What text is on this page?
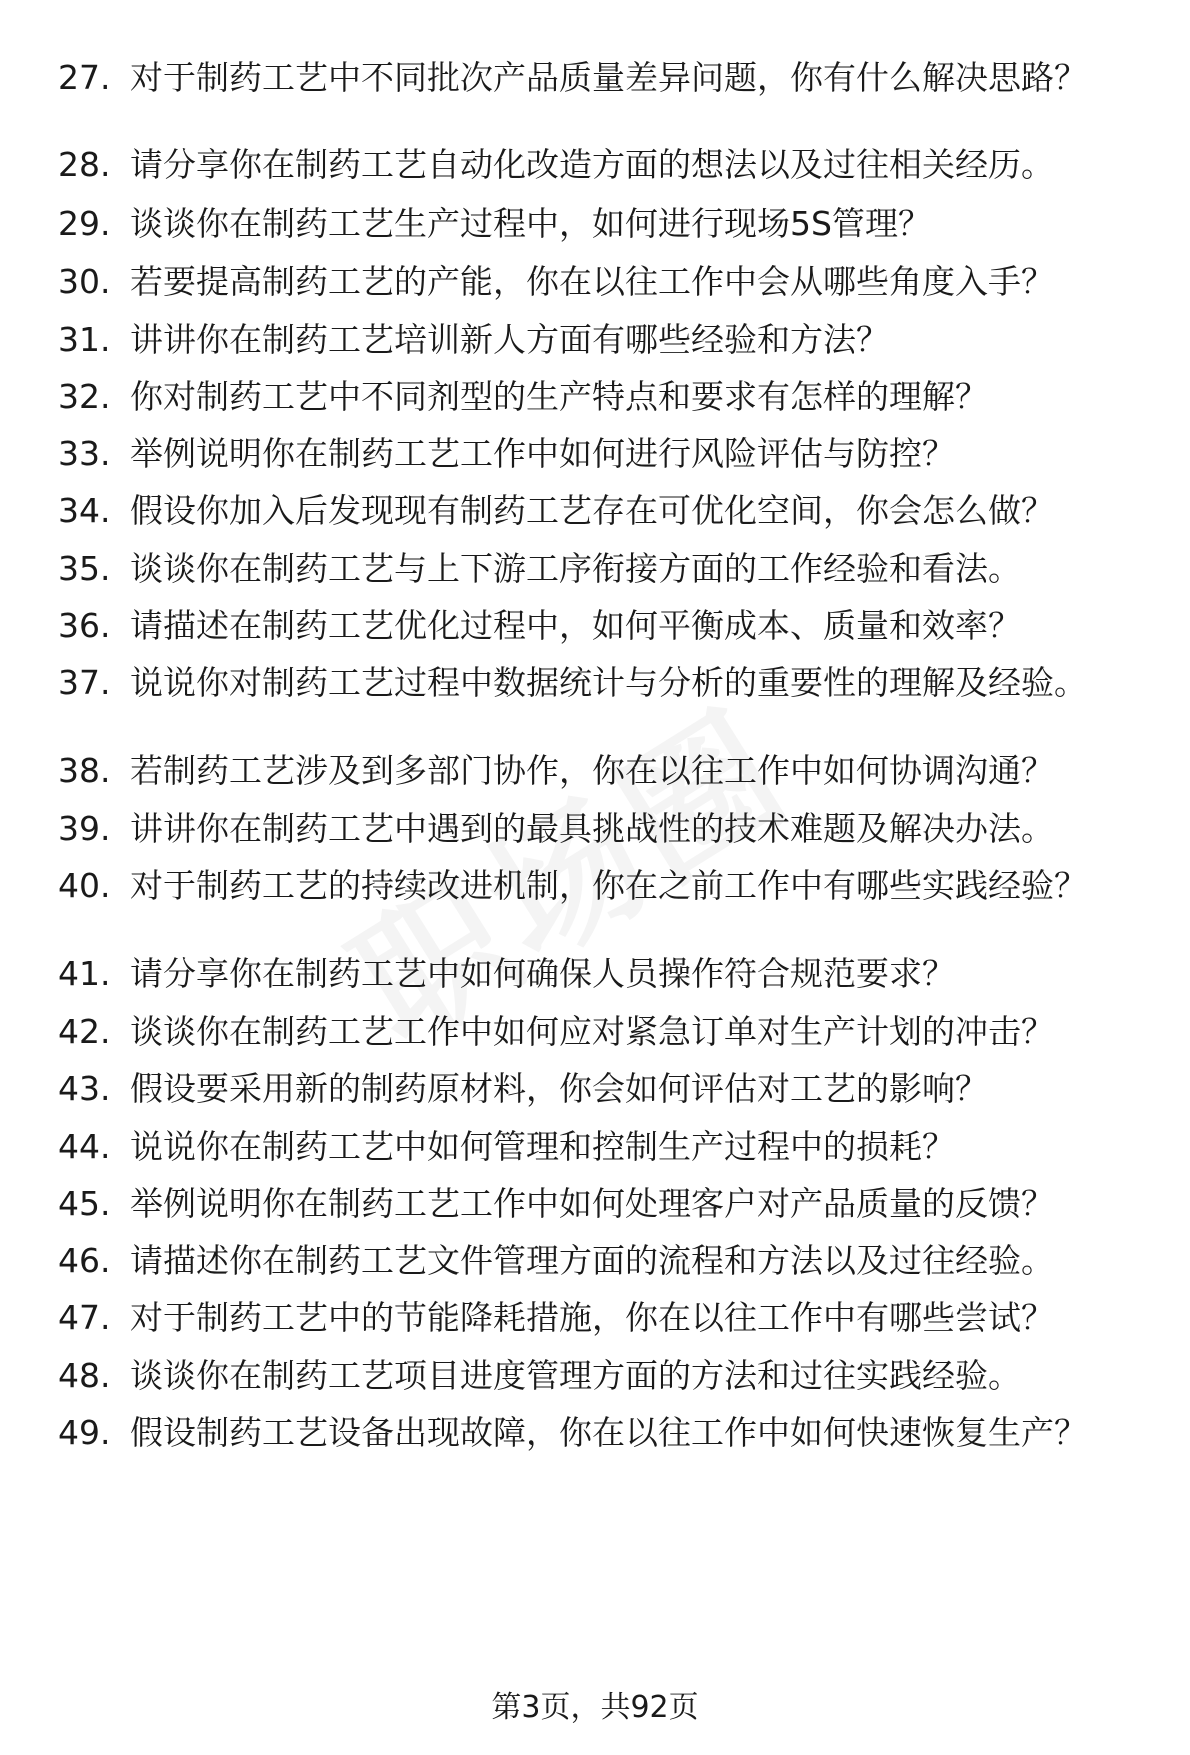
27. 对于制药工艺中不同批次产品质量差异问题，你有什么解决思路？
28. 请分享你在制药工艺自动化改造方面的想法以及过往相关经历。
29. 谈谈你在制药工艺生产过程中，如何进行现场5S管理？
30. 若要提高制药工艺的产能，你在以往工作中会从哪些角度入手？
31. 讲讲你在制药工艺培训新人方面有哪些经验和方法？
32. 你对制药工艺中不同剂型的生产特点和要求有怎样的理解？
33. 举例说明你在制药工艺工作中如何进行风险评估与防控？
34. 假设你加入后发现现有制药工艺存在可优化空间，你会怎么做？
35. 谈谈你在制药工艺与上下游工序衔接方面的工作经验和看法。
36. 请描述在制药工艺优化过程中，如何平衡成本、质量和效率？
37. 说说你对制药工艺过程中数据统计与分析的重要性的理解及经验。
38. 若制药工艺涉及到多部门协作，你在以往工作中如何协调沟通？
39. 讲讲你在制药工艺中遇到的最具挑战性的技术难题及解决办法。
40. 对于制药工艺的持续改进机制，你在之前工作中有哪些实践经验？
41. 请分享你在制药工艺中如何确保人员操作符合规范要求？
42. 谈谈你在制药工艺工作中如何应对紧急订单对生产计划的冲击？
43. 假设要采用新的制药原材料，你会如何评估对工艺的影响？
44. 说说你在制药工艺中如何管理和控制生产过程中的损耗？
45. 举例说明你在制药工艺工作中如何处理客户对产品质量的反馈？
46. 请描述你在制药工艺文件管理方面的流程和方法以及过往经验。
47. 对于制药工艺中的节能降耗措施，你在以往工作中有哪些尝试？
48. 谈谈你在制药工艺项目进度管理方面的方法和过往实践经验。
49. 假设制药工艺设备出现故障，你在以往工作中如何快速恢复生产？
第3页，共92页
